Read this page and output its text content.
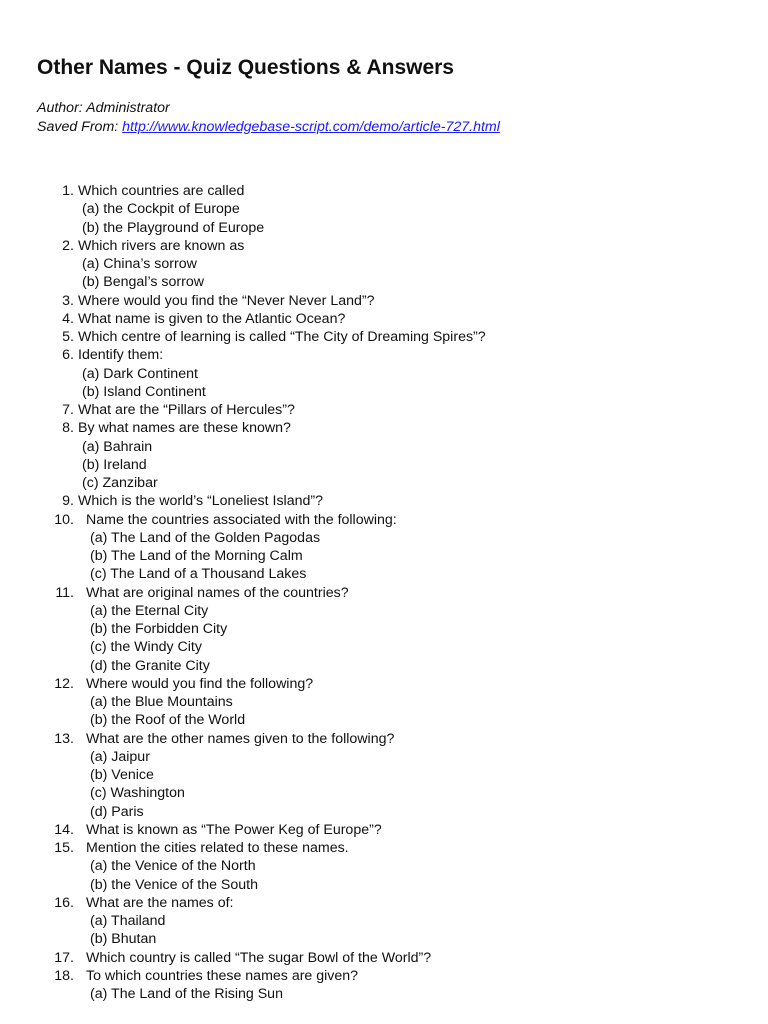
Other Names - Quiz Questions & Answers
Author: Administrator
Saved From: http://www.knowledgebase-script.com/demo/article-727.html
1. Which countries are called
(a) the Cockpit of Europe
(b) the Playground of Europe
2. Which rivers are known as
(a) China’s sorrow
(b) Bengal’s sorrow
3. Where would you find the “Never Never Land”?
4. What name is given to the Atlantic Ocean?
5. Which centre of learning is called “The City of Dreaming Spires”?
6. Identify them:
(a) Dark Continent
(b) Island Continent
7. What are the “Pillars of Hercules”?
8. By what names are these known?
(a) Bahrain
(b) Ireland
(c) Zanzibar
9. Which is the world’s “Loneliest Island”?
10. Name the countries associated with the following:
(a) The Land of the Golden Pagodas
(b) The Land of the Morning Calm
(c) The Land of a Thousand Lakes
11. What are original names of the countries?
(a) the Eternal City
(b) the Forbidden City
(c) the Windy City
(d) the Granite City
12. Where would you find the following?
(a) the Blue Mountains
(b) the Roof of the World
13. What are the other names given to the following?
(a) Jaipur
(b) Venice
(c) Washington
(d) Paris
14. What is known as “The Power Keg of Europe”?
15. Mention the cities related to these names.
(a) the Venice of the North
(b) the Venice of the South
16. What are the names of:
(a) Thailand
(b) Bhutan
17. Which country is called “The sugar Bowl of the World”?
18. To which countries these names are given?
(a) The Land of the Rising Sun
